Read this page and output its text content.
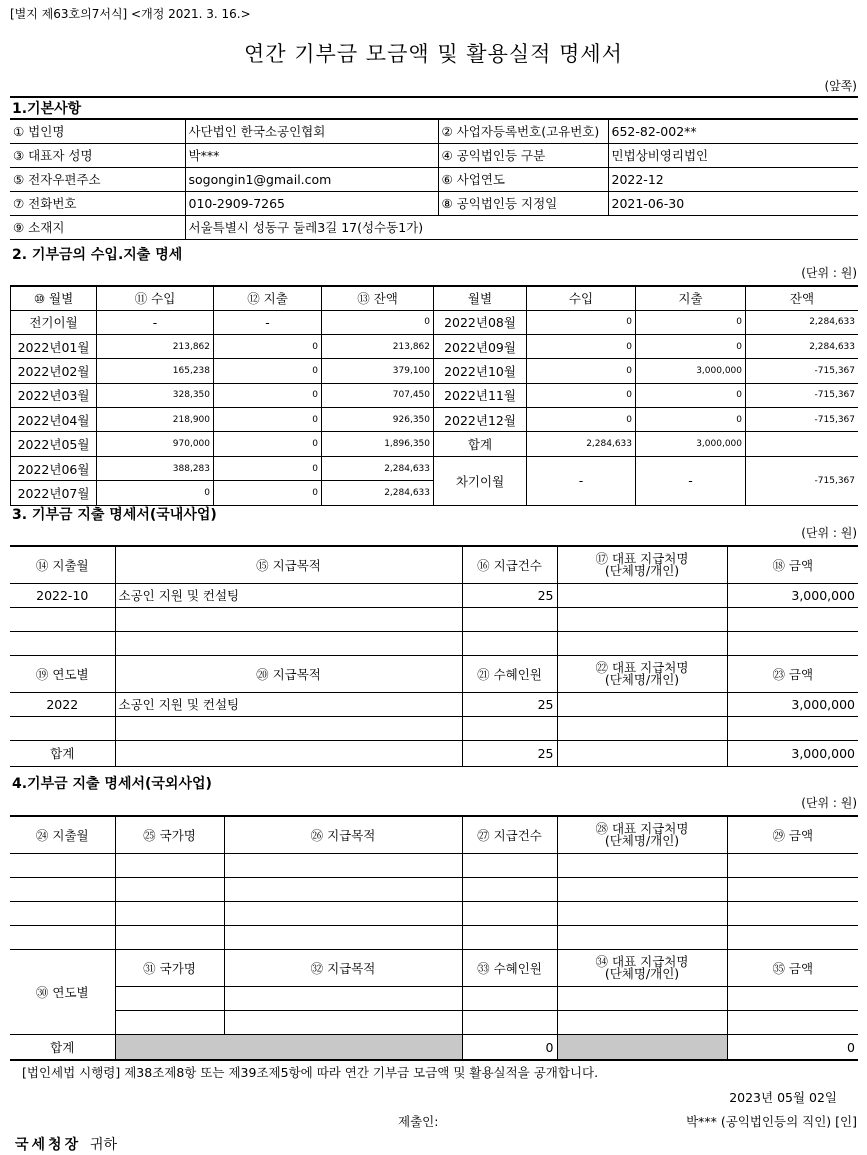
[별지 제63호의7서식] <개정 2021. 3. 16.>
연간 기부금 모금액 및 활용실적 명세서
(앞쪽)
1.기본사항
① 법인명	사단법인 한국소공인협회	② 사업자등록번호(고유번호)	652-82-002**
③ 대표자 성명	박***	④ 공익법인등 구분	민법상비영리법인
⑤ 전자우편주소	sogongin1@gmail.com	⑥ 사업연도	2022-12
⑦ 전화번호	010-2909-7265	⑧ 공익법인등 지정일	2021-06-30
⑨ 소재지	서울특별시 성동구 둘레3길 17(성수동1가)		
2. 기부금의 수입.지출 명세
(단위 : 원)
⑩ 월별	⑪ 수입	⑫ 지출	⑬ 잔액	월별	수입	지출	잔액
전기이월	-	-	0	2022년08월	0	0	2,284,633
2022년01월	213,862	0	213,862	2022년09월	0	0	2,284,633
2022년02월	165,238	0	379,100	2022년10월	0	3,000,000	-715,367
2022년03월	328,350	0	707,450	2022년11월	0	0	-715,367
2022년04월	218,900	0	926,350	2022년12월	0	0	-715,367
2022년05월	970,000	0	1,896,350	합계	2,284,633	3,000,000	
2022년06월	388,283	0	2,284,633	차기이월	-	-	-715,367
2022년07월	0	0	2,284,633				
3. 기부금 지출 명세서(국내사업)
(단위 : 원)
⑭ 지출월	⑮ 지급목적	⑯ 지급건수	⑰ 대표 지급처명
(단체명/개인)	⑱ 금액
2022-10	소공인 지원 및 컨설팅	25		3,000,000

⑲ 연도별	⑳ 지급목적	㉑ 수혜인원	㉒ 대표 지급처명
(단체명/개인)	㉓ 금액
2022	소공인 지원 및 컨설팅	25		3,000,000

합계		25		3,000,000
4.기부금 지출 명세서(국외사업)
(단위 : 원)
㉔ 지출월	㉕ 국가명	㉖ 지급목적	㉗ 지급건수	㉘ 대표 지급처명
(단체명/개인)	㉙ 금액

㉚ 연도별	㉛ 국가명	㉜ 지급목적	㉝ 수혜인원	㉞ 대표 지급처명
(단체명/개인)	㉟ 금액

합계			0		0
[법인세법 시행령] 제38조제8항 또는 제39조제5항에 따라 연간 기부금 모금액 및 활용실적을 공개합니다.
2023년 05월 02일
제출인:	박*** (공익법인등의 직인) [인]
국세청장 귀하
